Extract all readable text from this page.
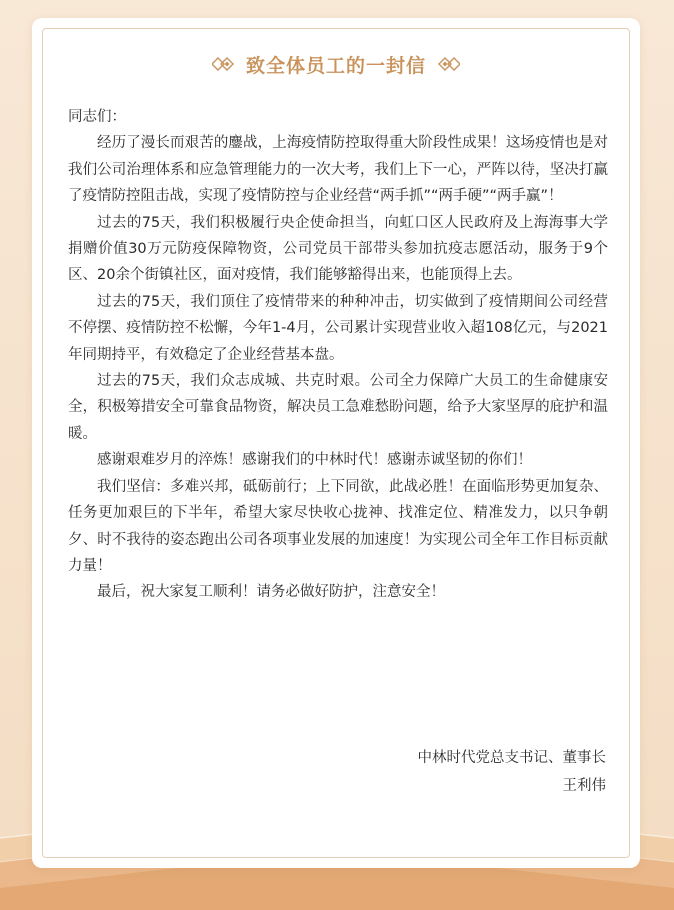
致全体员工的一封信

同志们：

经历了漫长而艰苦的鏖战，上海疫情防控取得重大阶段性成果！这场疫情也是对我们公司治理体系和应急管理能力的一次大考，我们上下一心，严阵以待，坚决打赢了疫情防控阻击战，实现了疫情防控与企业经营“两手抓”“两手硬”“两手赢”！

过去的75天，我们积极履行央企使命担当，向虹口区人民政府及上海海事大学捐赠价值30万元防疫保障物资，公司党员干部带头参加抗疫志愿活动，服务于9个区、20余个街镇社区，面对疫情，我们能够豁得出来，也能顶得上去。

过去的75天，我们顶住了疫情带来的种种冲击，切实做到了疫情期间公司经营不停摆、疫情防控不松懈，今年1-4月，公司累计实现营业收入超108亿元，与2021年同期持平，有效稳定了企业经营基本盘。

过去的75天，我们众志成城、共克时艰。公司全力保障广大员工的生命健康安全，积极筹措安全可靠食品物资，解决员工急难愁盼问题，给予大家坚厚的庇护和温暖。

感谢艰难岁月的淬炼！感谢我们的中林时代！感谢赤诚坚韧的你们！

我们坚信：多难兴邦，砥砺前行；上下同欲，此战必胜！在面临形势更加复杂、任务更加艰巨的下半年，希望大家尽快收心拢神、找准定位、精准发力，以只争朝夕、时不我待的姿态跑出公司各项事业发展的加速度！为实现公司全年工作目标贡献力量！

最后，祝大家复工顺利！请务必做好防护，注意安全！

中林时代党总支书记、董事长

王利伟
